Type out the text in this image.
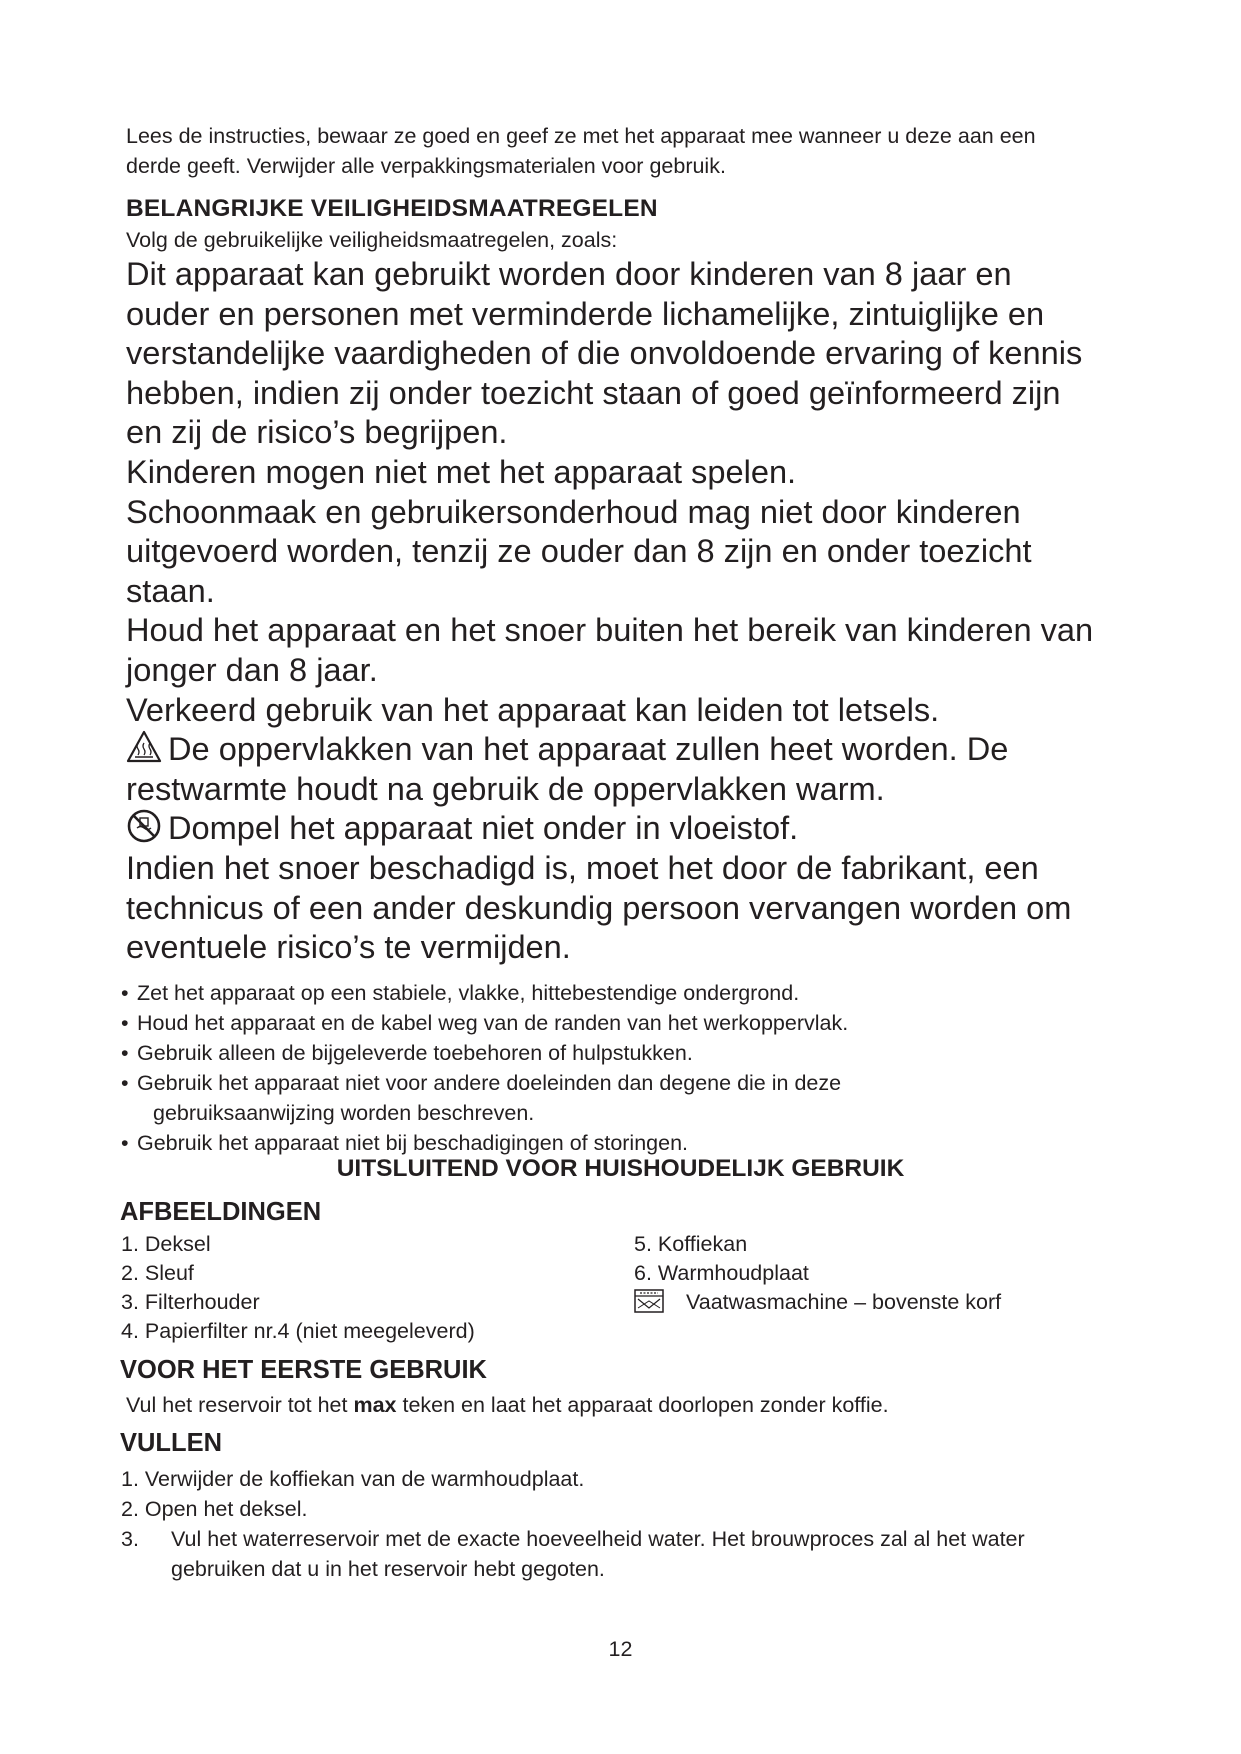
Lees de instructies, bewaar ze goed en geef ze met het apparaat mee wanneer u deze aan een
derde geeft. Verwijder alle verpakkingsmaterialen voor gebruik.
BELANGRIJKE VEILIGHEIDSMAATREGELEN
Volg de gebruikelijke veiligheidsmaatregelen, zoals:

Dit apparaat kan gebruikt worden door kinderen van 8 jaar en

ouder en personen met verminderde lichamelijke, zintuiglijke en

verstandelijke vaardigheden of die onvoldoende ervaring of kennis

hebben, indien zij onder toezicht staan of goed geïnformeerd zijn

en zij de risico’s begrijpen.

Kinderen mogen niet met het apparaat spelen.

Schoonmaak en gebruikersonderhoud mag niet door kinderen

uitgevoerd worden, tenzij ze ouder dan 8 zijn en onder toezicht

staan.

Houd het apparaat en het snoer buiten het bereik van kinderen van

jonger dan 8 jaar.

Verkeerd gebruik van het apparaat kan leiden tot letsels.

De oppervlakken van het apparaat zullen heet worden. De

restwarmte houdt na gebruik de oppervlakken warm.

Dompel het apparaat niet onder in vloeistof.

Indien het snoer beschadigd is, moet het door de fabrikant, een

technicus of een ander deskundig persoon vervangen worden om

eventuele risico’s te vermijden.

• Zet het apparaat op een stabiele, vlakke, hittebestendige ondergrond.
• Houd het apparaat en de kabel weg van de randen van het werkoppervlak.
• Gebruik alleen de bijgeleverde toebehoren of hulpstukken.
• Gebruik het apparaat niet voor andere doeleinden dan degene die in deze
gebruiksaanwijzing worden beschreven.
• Gebruik het apparaat niet bij beschadigingen of storingen.
UITSLUITEND VOOR HUISHOUDELIJK GEBRUIK
AFBEELDINGEN
1. Deksel
2. Sleuf
3. Filterhouder
4. Papierfilter nr.4 (niet meegeleverd)
5. Koffiekan
6. Warmhoudplaat
Vaatwasmachine – bovenste korf
VOOR HET EERSTE GEBRUIK
Vul het reservoir tot het max teken en laat het apparaat doorlopen zonder koffie.
VULLEN
1. Verwijder de koffiekan van de warmhoudplaat.
2. Open het deksel.
3. Vul het waterreservoir met de exacte hoeveelheid water. Het brouwproces zal al het water
gebruiken dat u in het reservoir hebt gegoten.
12
